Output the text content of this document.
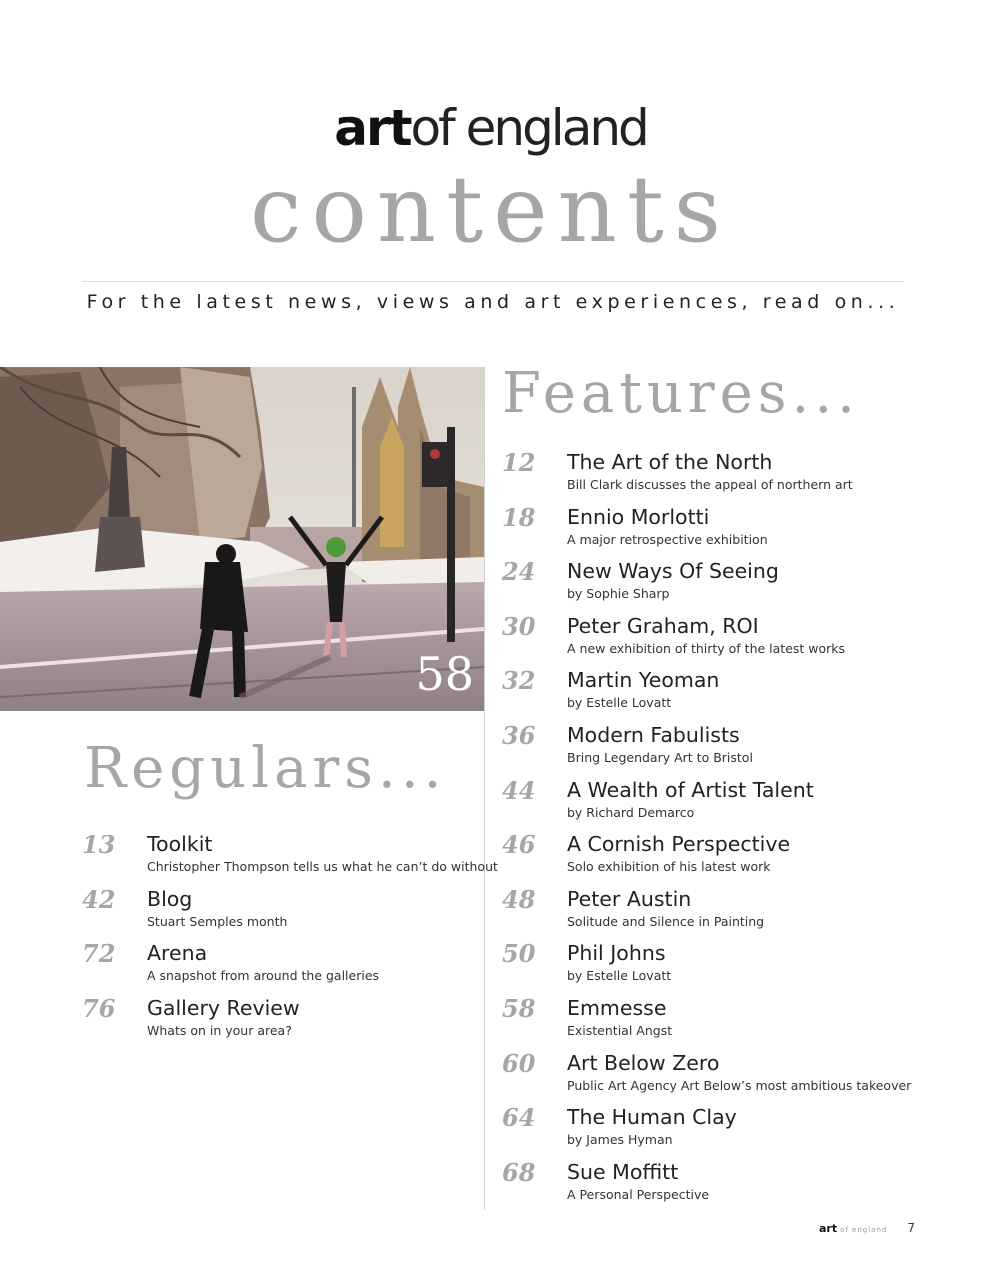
artof england
contents
For the latest news, views and art experiences, read on...
58
Features...
12 The Art of the North
Bill Clark discusses the appeal of northern art
18 Ennio Morlotti
A major retrospective exhibition
24 New Ways Of Seeing
by Sophie Sharp
30 Peter Graham, ROI
A new exhibition of thirty of the latest works
32 Martin Yeoman
by Estelle Lovatt
36 Modern Fabulists
Bring Legendary Art to Bristol
44 A Wealth of Artist Talent
by Richard Demarco
46 A Cornish Perspective
Solo exhibition of his latest work
48 Peter Austin
Solitude and Silence in Painting
50 Phil Johns
by Estelle Lovatt
58 Emmesse
Existential Angst
60 Art Below Zero
Public Art Agency Art Below’s most ambitious takeover
64 The Human Clay
by James Hyman
68 Sue Moffitt
A Personal Perspective
Regulars...
13 Toolkit
Christopher Thompson tells us what he can’t do without
42 Blog
Stuart Semples month
72 Arena
A snapshot from around the galleries
76 Gallery Review
Whats on in your area?
art of england 7
